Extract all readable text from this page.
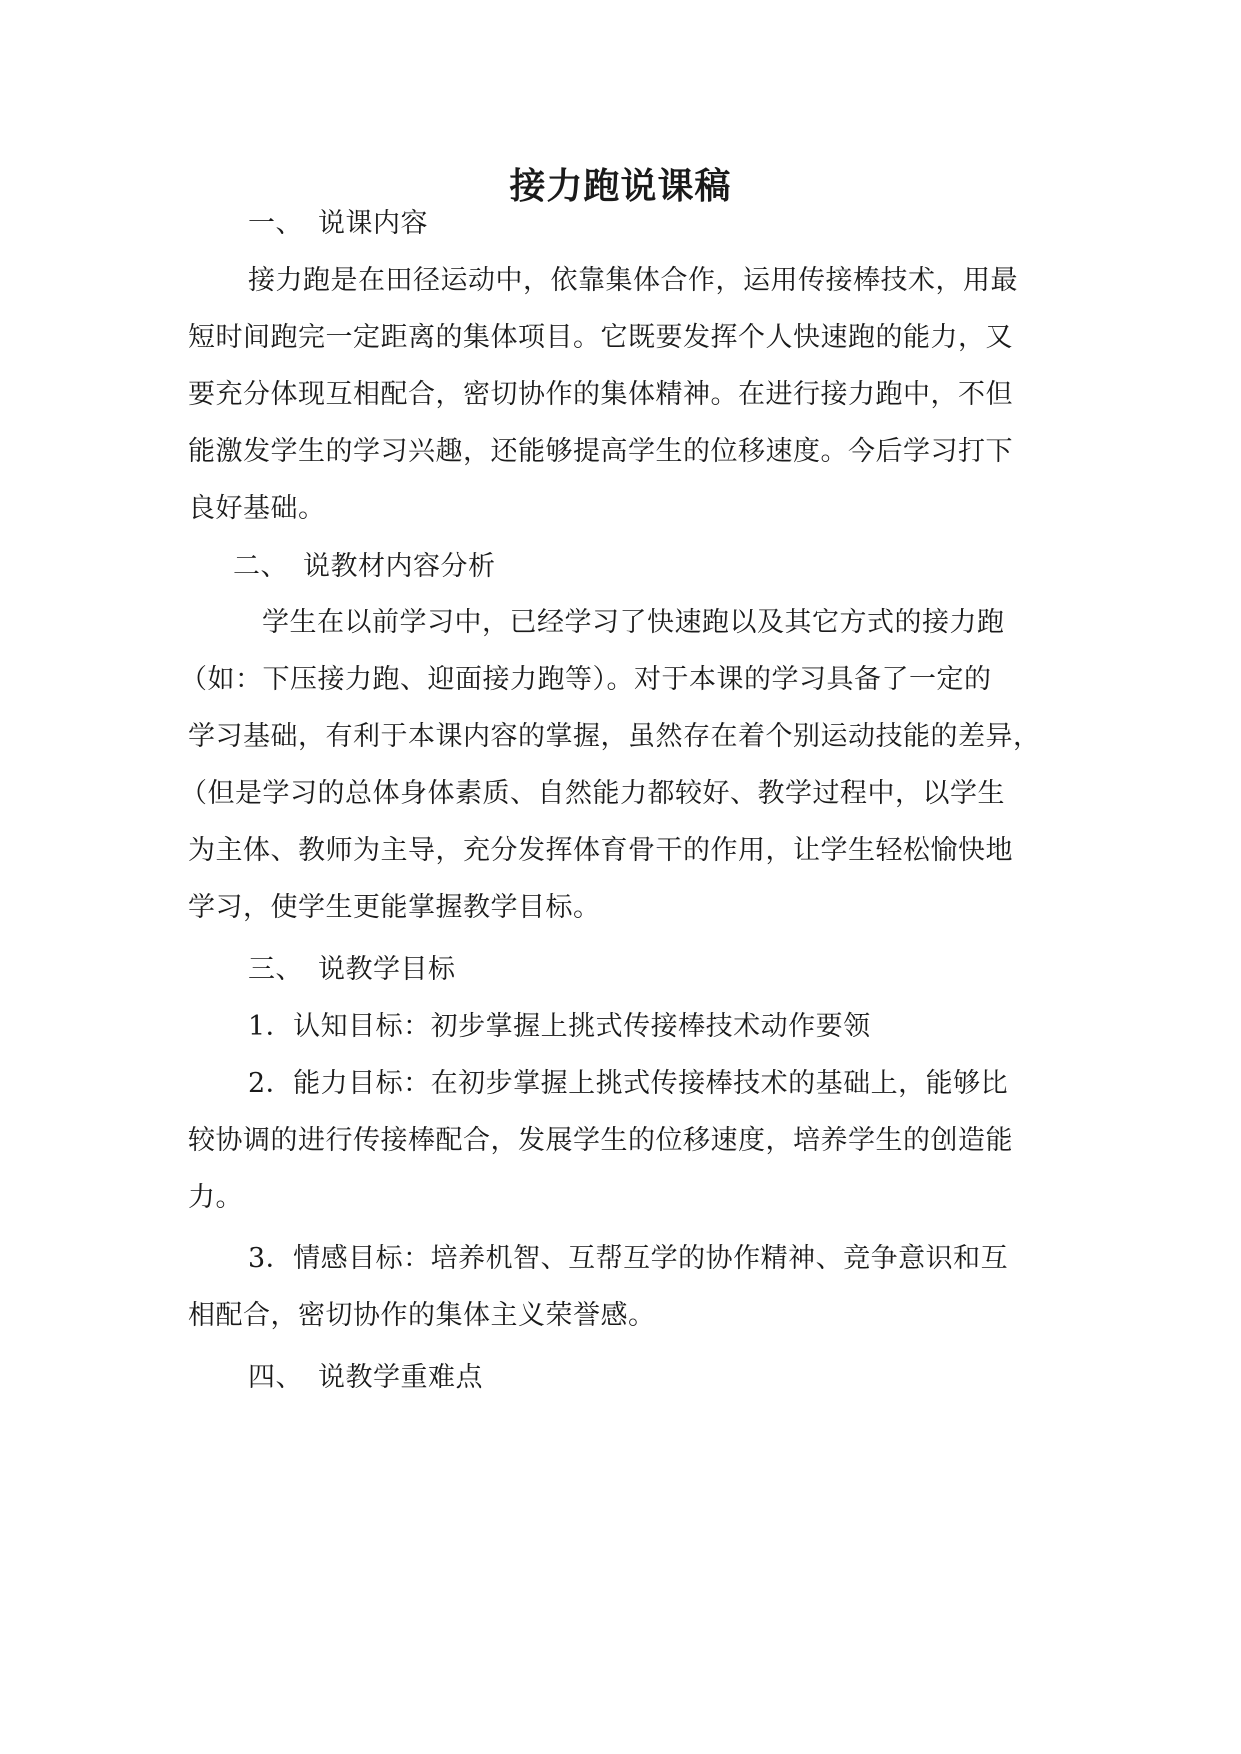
接力跑说课稿
一、 说课内容
接力跑是在田径运动中，依靠集体合作，运用传接棒技术，用最
短时间跑完一定距离的集体项目。它既要发挥个人快速跑的能力，又
要充分体现互相配合，密切协作的集体精神。在进行接力跑中，不但
能激发学生的学习兴趣，还能够提高学生的位移速度。今后学习打下
良好基础。
二、 说教材内容分析
学生在以前学习中，已经学习了快速跑以及其它方式的接力跑
（如：下压接力跑、迎面接力跑等）。对于本课的学习具备了一定的
学习基础，有利于本课内容的掌握，虽然存在着个别运动技能的差异，
（但是学习的总体身体素质、自然能力都较好、教学过程中，以学生
为主体、教师为主导，充分发挥体育骨干的作用，让学生轻松愉快地
学习，使学生更能掌握教学目标。
三、 说教学目标
1．认知目标：初步掌握上挑式传接棒技术动作要领
2．能力目标：在初步掌握上挑式传接棒技术的基础上，能够比
较协调的进行传接棒配合，发展学生的位移速度，培养学生的创造能
力。
3．情感目标：培养机智、互帮互学的协作精神、竞争意识和互
相配合，密切协作的集体主义荣誉感。
四、 说教学重难点
